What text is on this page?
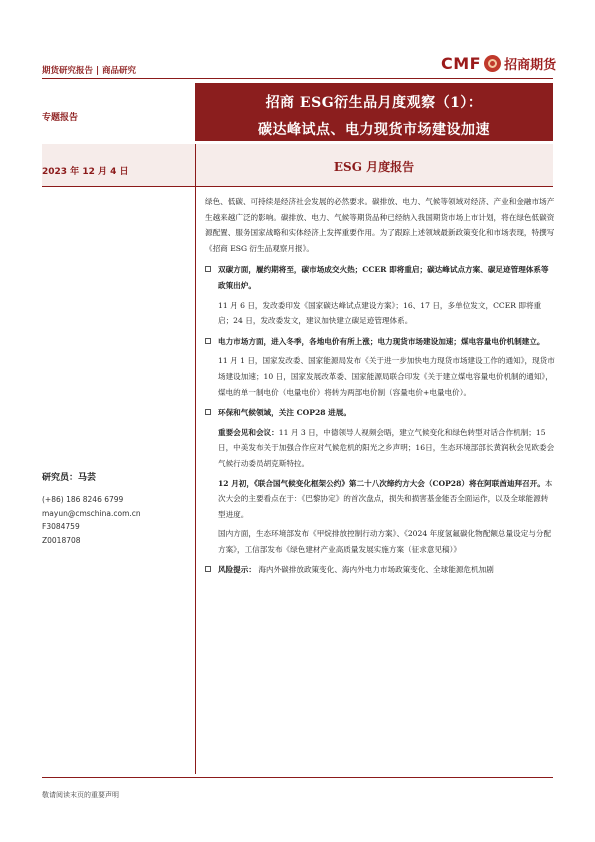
期货研究报告 | 商品研究	CMF 招商期货
专题报告
招商 ESG衍生品月度观察（1）：
碳达峰试点、电力现货市场建设加速
2023 年 12 月 4 日	ESG 月度报告
研究员：马芸
(+86) 186 8246 6799
mayun@cmschina.com.cn
F3084759
Z0018708

绿色、低碳、可持续是经济社会发展的必然要求。碳排放、电力、气候等领域对经济、产业和金融市场产生越来越广泛的影响。碳排放、电力、气候等期货品种已经纳入我国期货市场上市计划，将在绿色低碳资源配置、服务国家战略和实体经济上发挥重要作用。为了跟踪上述领域最新政策变化和市场表现，特撰写《招商 ESG 衍生品观察月报》。

双碳方面，履约期将至，碳市场成交火热；CCER 即将重启；碳达峰试点方案、碳足迹管理体系等政策出炉。
11 月 6 日，发改委印发《国家碳达峰试点建设方案》；16、17 日，多单位发文，CCER 即将重启；24 日，发改委发文，建议加快建立碳足迹管理体系。
电力市场方面，进入冬季，各地电价有所上涨；电力现货市场建设加速；煤电容量电价机制建立。
11 月 1 日，国家发改委、国家能源局发布《关于进一步加快电力现货市场建设工作的通知》，现货市场建设加速；10 日，国家发展改革委、国家能源局联合印发《关于建立煤电容量电价机制的通知》，煤电的单一制电价（电量电价）将转为两部电价制（容量电价+电量电价）。
环保和气候领域，关注 COP28 进展。
重要会见和会议：11 月 3 日，中德领导人视频会晤，建立气候变化和绿色转型对话合作机制；15 日，中美发布关于加强合作应对气候危机的阳光之乡声明；16日，生态环境部部长黄润秋会见欧委会气候行动委员胡克斯特拉。
12 月初，《联合国气候变化框架公约》第二十八次缔约方大会（COP28）将在阿联酋迪拜召开。本次大会的主要看点在于：《巴黎协定》的首次盘点，损失和损害基金能否全面运作，以及全球能源转型进度。
国内方面，生态环境部发布《甲烷排放控制行动方案》、《2024 年度氢氟碳化物配额总量设定与分配方案》，工信部发布《绿色建材产业高质量发展实施方案（征求意见稿）》
风险提示： 海内外碳排放政策变化、海内外电力市场政策变化、全球能源危机加剧
敬请阅读末页的重要声明
